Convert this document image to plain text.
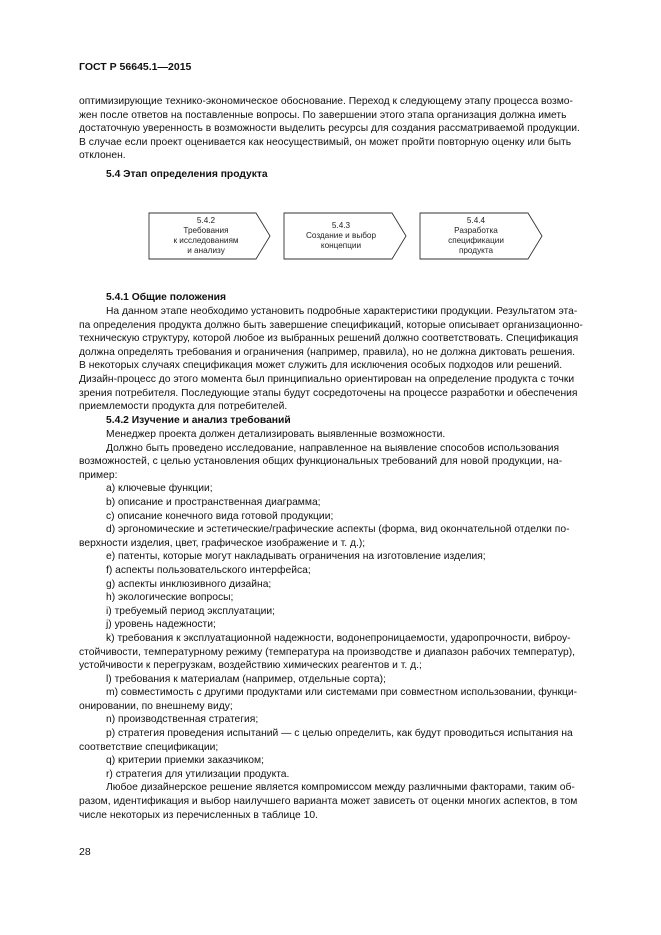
ГОСТ Р 56645.1—2015
оптимизирующие технико-экономическое обоснование. Переход к следующему этапу процесса возмо-
жен после ответов на поставленные вопросы. По завершении этого этапа организация должна иметь
достаточную уверенность в возможности выделить ресурсы для создания рассматриваемой продукции.
В случае если проект оценивается как неосуществимый, он может пройти повторную оценку или быть
отклонен.
5.4 Этап определения продукта
5.4.2
Требования
к исследованиям
и анализу
5.4.3
Создание и выбор
концепции
5.4.4
Разработка
спецификации
продукта
5.4.1 Общие положения
На данном этапе необходимо установить подробные характеристики продукции. Результатом эта-
па определения продукта должно быть завершение спецификаций, которые описывает организационно-
техническую структуру, которой любое из выбранных решений должно соответствовать. Спецификация
должна определять требования и ограничения (например, правила), но не должна диктовать решения.
В некоторых случаях спецификация может служить для исключения особых подходов или решений.
Дизайн-процесс до этого момента был принципиально ориентирован на определение продукта с точки
зрения потребителя. Последующие этапы будут сосредоточены на процессе разработки и обеспечения
приемлемости продукта для потребителей.
5.4.2 Изучение и анализ требований
Менеджер проекта должен детализировать выявленные возможности.
Должно быть проведено исследование, направленное на выявление способов использования
возможностей, с целью установления общих функциональных требований для новой продукции, на-
пример:
a) ключевые функции;
b) описание и пространственная диаграмма;
c) описание конечного вида готовой продукции;
d) эргономические и эстетические/графические аспекты (форма, вид окончательной отделки по-
верхности изделия, цвет, графическое изображение и т. д.);
e) патенты, которые могут накладывать ограничения на изготовление изделия;
f) аспекты пользовательского интерфейса;
g) аспекты инклюзивного дизайна;
h) экологические вопросы;
i) требуемый период эксплуатации;
j) уровень надежности;
k) требования к эксплуатационной надежности, водонепроницаемости, ударопрочности, виброу-
стойчивости, температурному режиму (температура на производстве и диапазон рабочих температур),
устойчивости к перегрузкам, воздействию химических реагентов и т. д.;
l) требования к материалам (например, отдельные сорта);
m) совместимость с другими продуктами или системами при совместном использовании, функци-
онировании, по внешнему виду;
n) производственная стратегия;
p) стратегия проведения испытаний — с целью определить, как будут проводиться испытания на
соответствие спецификации;
q) критерии приемки заказчиком;
r) стратегия для утилизации продукта.
Любое дизайнерское решение является компромиссом между различными факторами, таким об-
разом, идентификация и выбор наилучшего варианта может зависеть от оценки многих аспектов, в том
числе некоторых из перечисленных в таблице 10.
28
